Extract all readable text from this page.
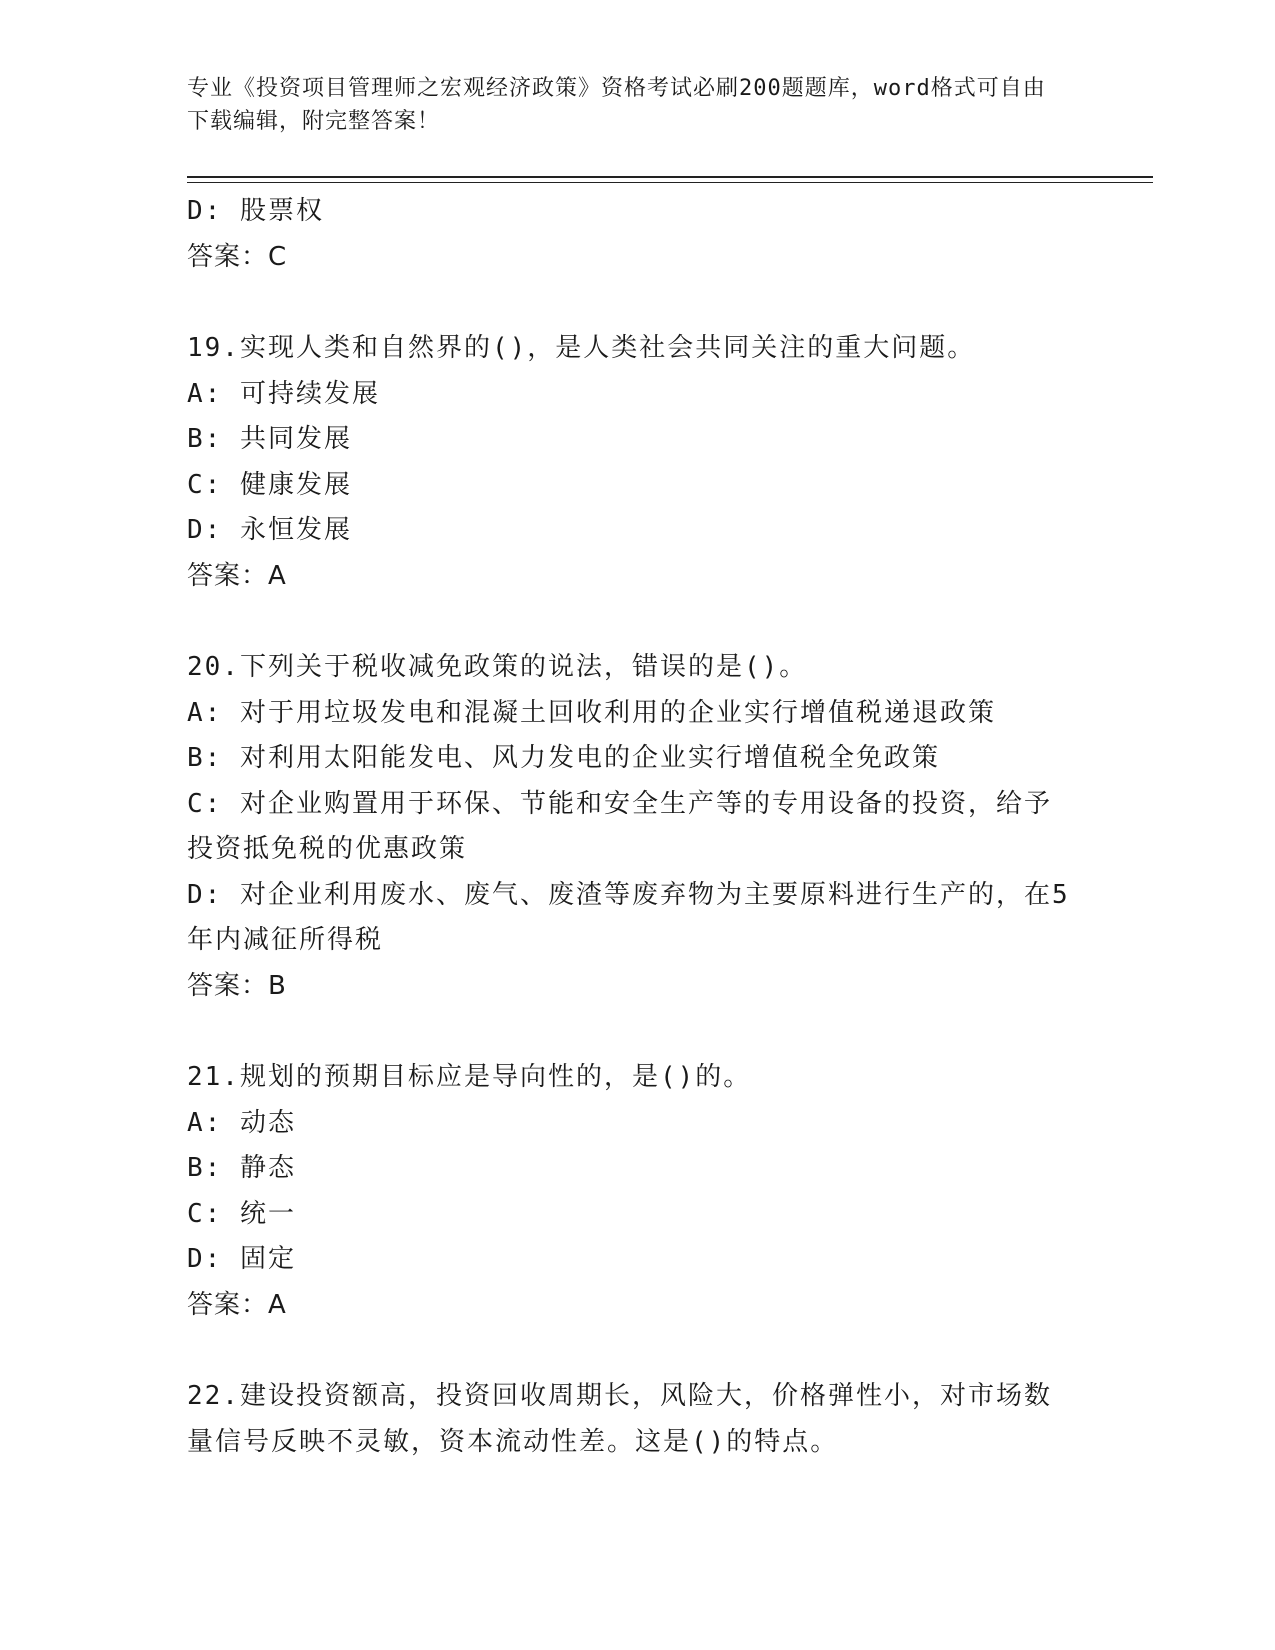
专业《投资项目管理师之宏观经济政策》资格考试必刷200题题库，word格式可自由下载编辑，附完整答案！
D: 股票权
答案：C
19.实现人类和自然界的()，是人类社会共同关注的重大问题。
A: 可持续发展
B: 共同发展
C: 健康发展
D: 永恒发展
答案：A
20.下列关于税收减免政策的说法，错误的是()。
A: 对于用垃圾发电和混凝土回收利用的企业实行增值税递退政策
B: 对利用太阳能发电、风力发电的企业实行增值税全免政策
C: 对企业购置用于环保、节能和安全生产等的专用设备的投资，给予投资抵免税的优惠政策
D: 对企业利用废水、废气、废渣等废弃物为主要原料进行生产的，在5年内减征所得税
答案：B
21.规划的预期目标应是导向性的，是()的。
A: 动态
B: 静态
C: 统一
D: 固定
答案：A
22.建设投资额高，投资回收周期长，风险大，价格弹性小，对市场数量信号反映不灵敏，资本流动性差。这是()的特点。
